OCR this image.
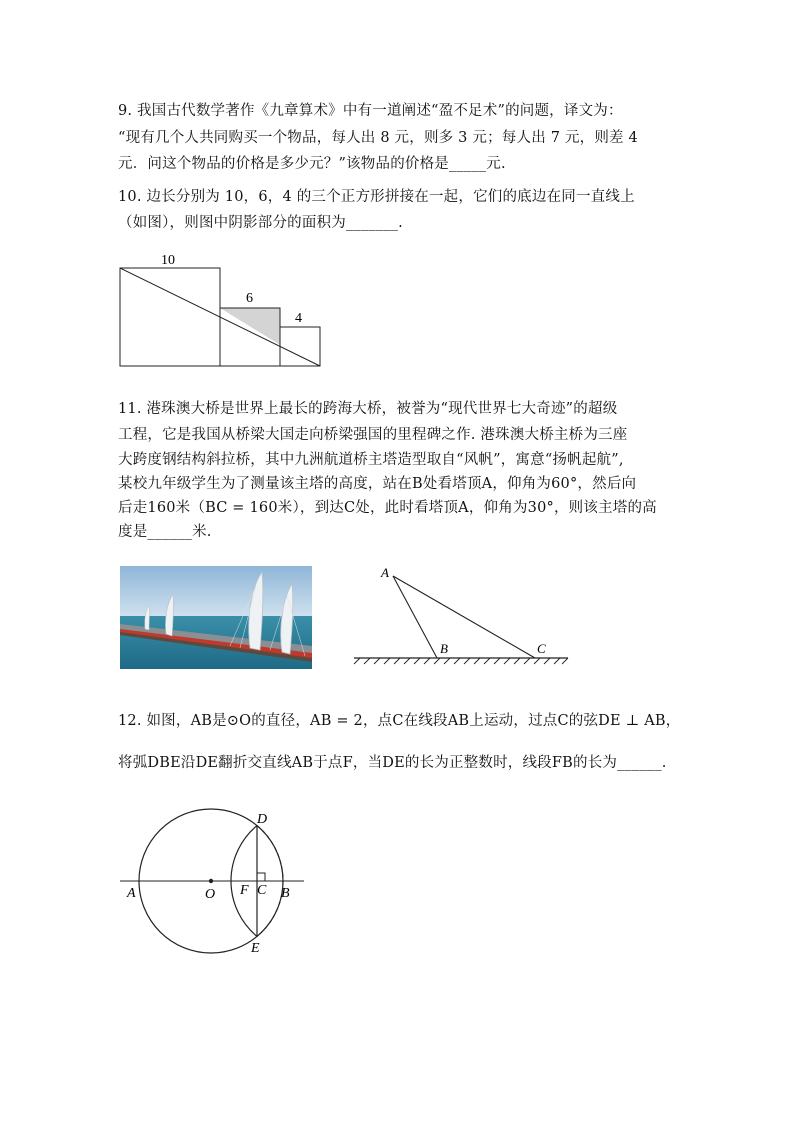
9. 我国古代数学著作《九章算术》中有一道阐述“盈不足术”的问题，译文为：
“现有几个人共同购买一个物品，每人出 8 元，则多 3 元；每人出 7 元，则差 4
元．问这个物品的价格是多少元？”该物品的价格是_____元.
10. 边长分别为 10，6，4 的三个正方形拼接在一起，它们的底边在同一直线上
（如图），则图中阴影部分的面积为_______.
10
6
4
11. 港珠澳大桥是世界上最长的跨海大桥，被誉为“现代世界七大奇迹”的超级
工程，它是我国从桥梁大国走向桥梁强国的里程碑之作. 港珠澳大桥主桥为三座
大跨度钢结构斜拉桥，其中九洲航道桥主塔造型取自“风帆”，寓意“扬帆起航”,
某校九年级学生为了测量该主塔的高度，站在B处看塔顶A，仰角为60°，然后向
后走160米（BC = 160米），到达C处，此时看塔顶A，仰角为30°，则该主塔的高
度是______米.
A
B	C
12. 如图，AB是⊙O的直径，AB = 2，点C在线段AB上运动，过点C的弦DE ⊥ AB，
将弧DBE沿DE翻折交直线AB于点F，当DE的长为正整数时，线段FB的长为______.
A	O F C B
D
E
